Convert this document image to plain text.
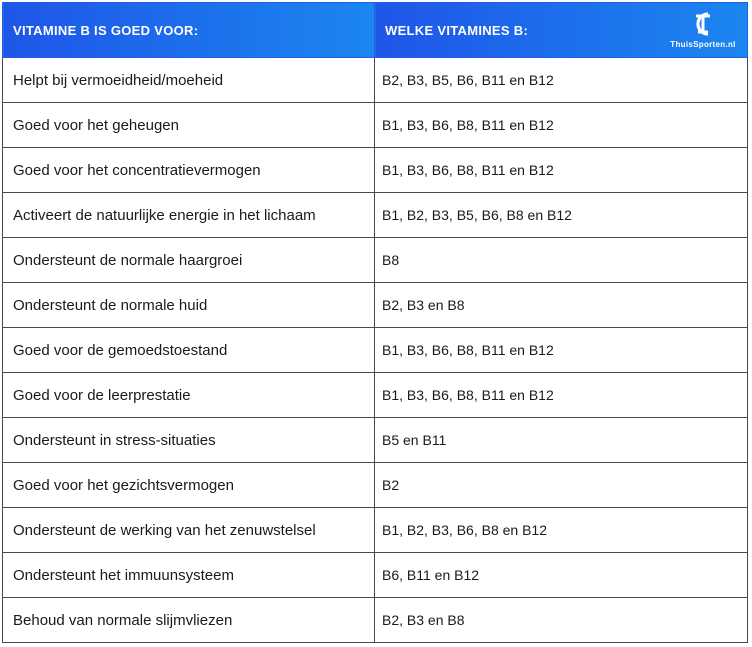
VITAMINE B IS GOED VOOR:	WELKE VITAMINES B:
ThuisSporten.nl

Helpt bij vermoeidheid/moeheid	B2, B3, B5, B6, B11 en B12
Goed voor het geheugen	B1, B3, B6, B8, B11 en B12
Goed voor het concentratievermogen	B1, B3, B6, B8, B11 en B12
Activeert de natuurlijke energie in het lichaam	B1, B2, B3, B5, B6, B8 en B12
Ondersteunt de normale haargroei	B8
Ondersteunt de normale huid	B2, B3 en B8
Goed voor de gemoedstoestand	B1, B3, B6, B8, B11 en B12
Goed voor de leerprestatie	B1, B3, B6, B8, B11 en B12
Ondersteunt in stress-situaties	B5 en B11
Goed voor het gezichtsvermogen	B2
Ondersteunt de werking van het zenuwstelsel	B1, B2, B3, B6, B8 en B12
Ondersteunt het immuunsysteem	B6, B11 en B12
Behoud van normale slijmvliezen	B2, B3 en B8
